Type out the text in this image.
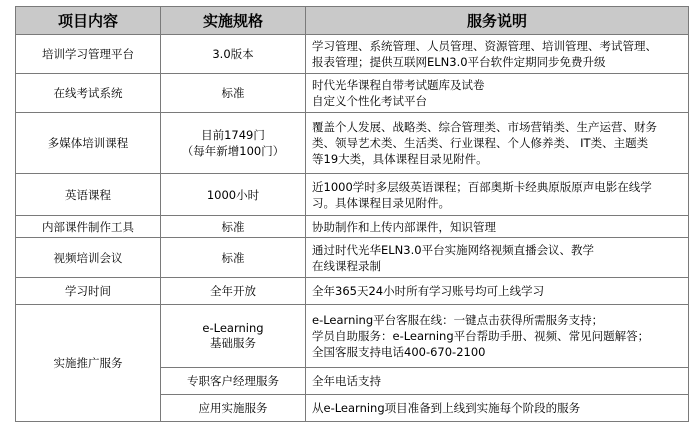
项目内容	实施规格	服务说明
培训学习管理平台	3.0版本	学习管理、系统管理、人员管理、资源管理、培训管理、考试管理、
报表管理；提供互联网ELN3.0平台软件定期同步免费升级

在线考试系统	标准	时代光华课程自带考试题库及试卷
自定义个性化考试平台

多媒体培训课程	目前1749门
（每年新增100门）	覆盖个人发展、战略类、综合管理类、市场营销类、生产运营、财务
类、领导艺术类、生活类、行业课程、个人修养类、 IT类、主题类
等19大类，具体课程目录见附件。

英语课程	1000小时	近1000学时多层级英语课程；百部奥斯卡经典原版原声电影在线学
习。具体课程目录见附件。

内部课件制作工具	标准	协助制作和上传内部课件，知识管理

视频培训会议	标准	通过时代光华ELN3.0平台实施网络视频直播会议、教学
在线课程录制

学习时间	全年开放	全年365天24小时所有学习账号均可上线学习

实施推广服务	e-Learning
基础服务	e-Learning平台客服在线：一键点击获得所需服务支持；
学员自助服务：e-Learning平台帮助手册、视频、常见问题解答；
全国客服支持电话400-670-2100

	专职客户经理服务	全年电话支持

	应用实施服务	从e-Learning项目准备到上线到实施每个阶段的服务
